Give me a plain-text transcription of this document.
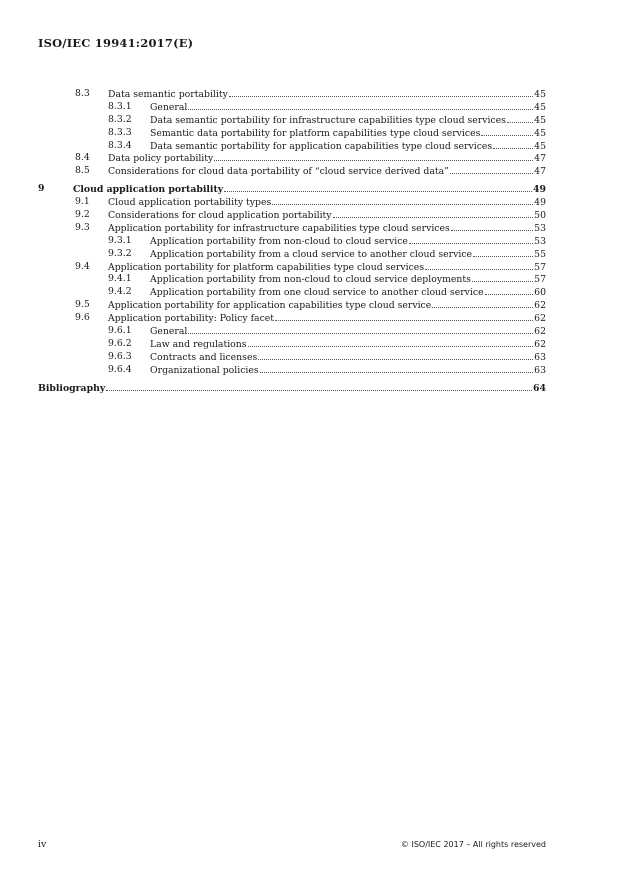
ISO/IEC 19941:2017(E)
8.3 Data semantic portability	45
8.3.1 General	45
8.3.2 Data semantic portability for infrastructure capabilities type cloud services	45
8.3.3 Semantic data portability for platform capabilities type cloud services	45
8.3.4 Data semantic portability for application capabilities type cloud services	45
8.4 Data policy portability	47
8.5 Considerations for cloud data portability of “cloud service derived data”	47
9	Cloud application portability	49
9.1 Cloud application portability types	49
9.2 Considerations for cloud application portability	50
9.3 Application portability for infrastructure capabilities type cloud services	53
9.3.1 Application portability from non-cloud to cloud service	53
9.3.2 Application portability from a cloud service to another cloud service	55
9.4 Application portability for platform capabilities type cloud services	57
9.4.1 Application portability from non-cloud to cloud service deployments	57
9.4.2 Application portability from one cloud service to another cloud service	60
9.5 Application portability for application capabilities type cloud service	62
9.6 Application portability: Policy facet	62
9.6.1 General	62
9.6.2 Law and regulations	62
9.6.3 Contracts and licenses	63
9.6.4 Organizational policies	63
Bibliography	64
iv	© ISO/IEC 2017 – All rights reserved
